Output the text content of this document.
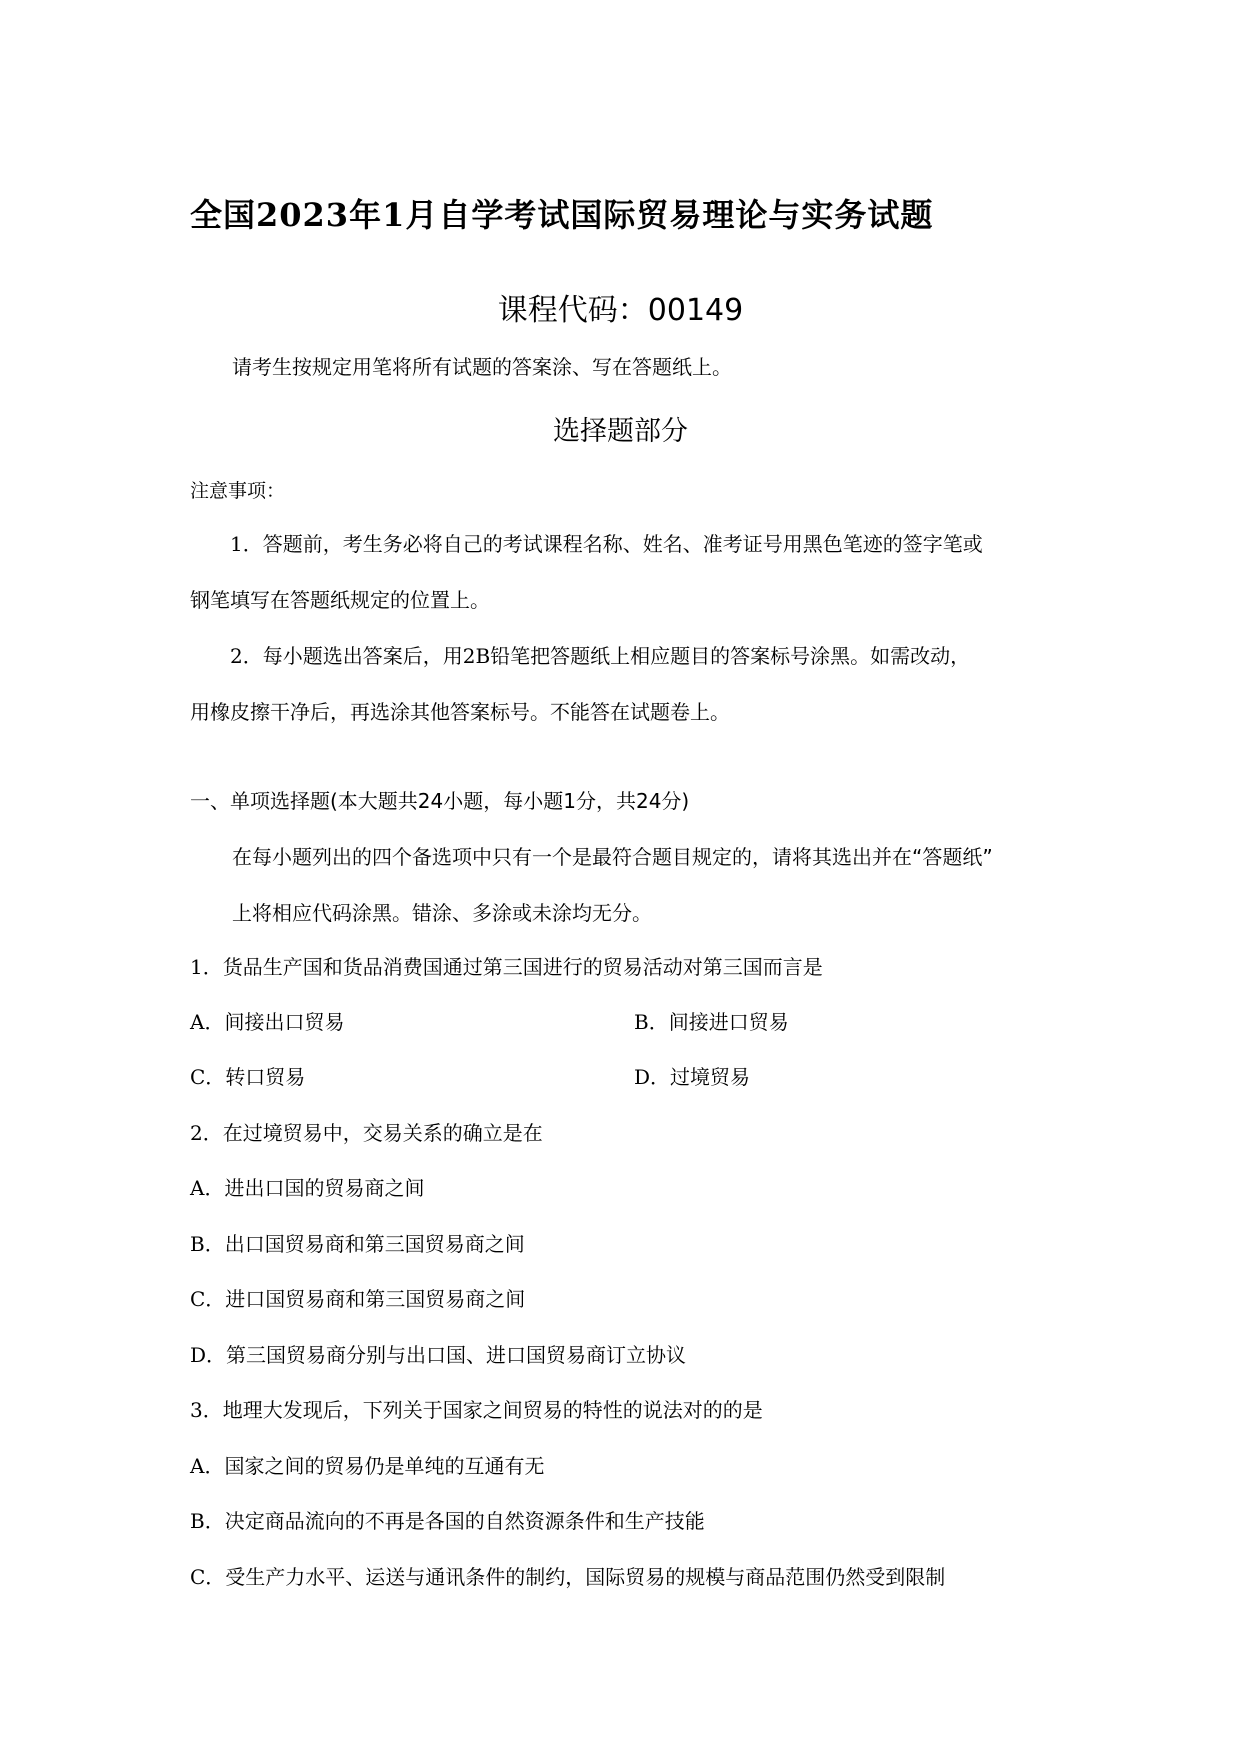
全国2023年1月自学考试国际贸易理论与实务试题
课程代码：00149
请考生按规定用笔将所有试题的答案涂、写在答题纸上。
选择题部分
注意事项：
1．答题前，考生务必将自己的考试课程名称、姓名、准考证号用黑色笔迹的签字笔或
钢笔填写在答题纸规定的位置上。
2．每小题选出答案后，用2B铅笔把答题纸上相应题目的答案标号涂黑。如需改动，
用橡皮擦干净后，再选涂其他答案标号。不能答在试题卷上。
一、单项选择题(本大题共24小题，每小题1分，共24分)
在每小题列出的四个备选项中只有一个是最符合题目规定的，请将其选出并在“答题纸”
上将相应代码涂黑。错涂、多涂或未涂均无分。
1．货品生产国和货品消费国通过第三国进行的贸易活动对第三国而言是
A．间接出口贸易	B．间接进口贸易
C．转口贸易	D．过境贸易
2．在过境贸易中，交易关系的确立是在
A．进出口国的贸易商之间
B．出口国贸易商和第三国贸易商之间
C．进口国贸易商和第三国贸易商之间
D．第三国贸易商分别与出口国、进口国贸易商订立协议
3．地理大发现后，下列关于国家之间贸易的特性的说法对的的是
A．国家之间的贸易仍是单纯的互通有无
B．决定商品流向的不再是各国的自然资源条件和生产技能
C．受生产力水平、运送与通讯条件的制约，国际贸易的规模与商品范围仍然受到限制
